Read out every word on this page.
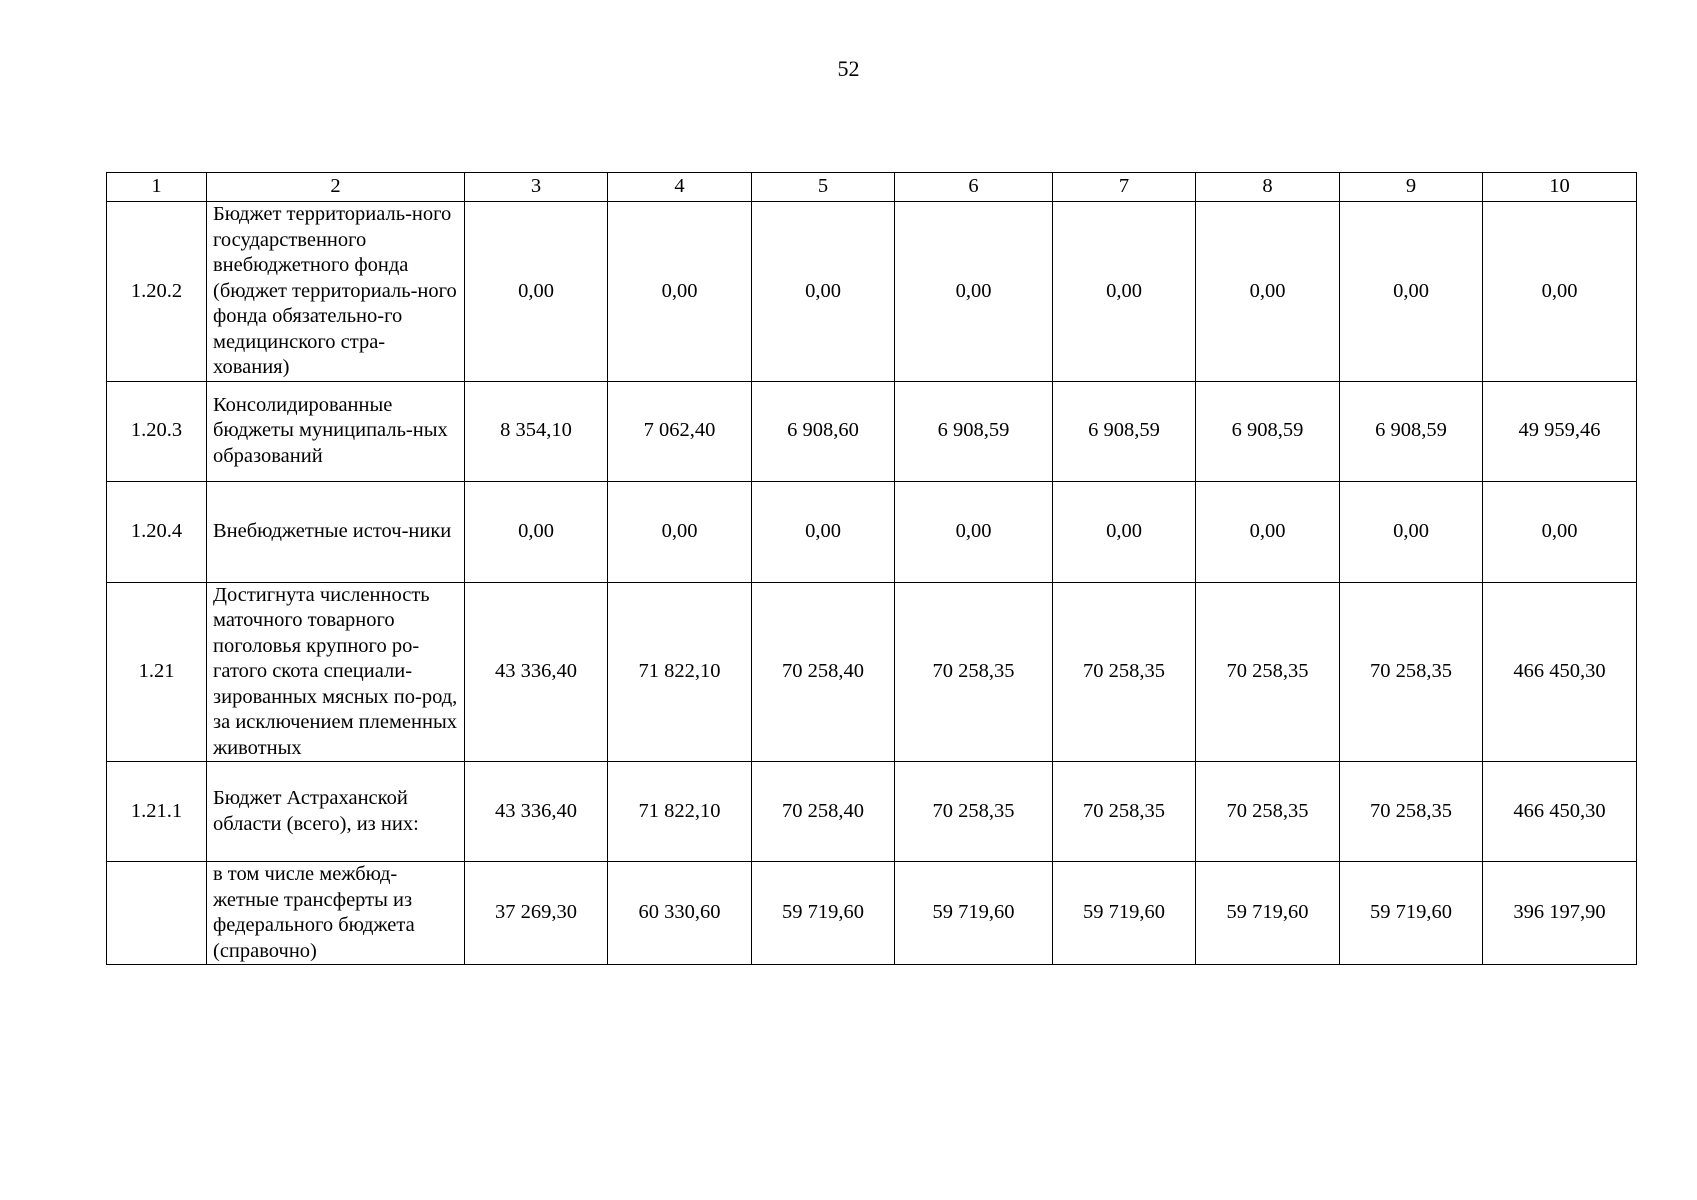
52
1	2	3	4	5	6	7	8	9	10
1.20.2	Бюджет территориаль-ного государственного внебюджетного фонда (бюджет территориаль-ного фонда обязательно-го медицинского стра-хования)	0,00	0,00	0,00	0,00	0,00	0,00	0,00	0,00
1.20.3	Консолидированные бюджеты муниципаль-ных образований	8 354,10	7 062,40	6 908,60	6 908,59	6 908,59	6 908,59	6 908,59	49 959,46
1.20.4	Внебюджетные источ-ники	0,00	0,00	0,00	0,00	0,00	0,00	0,00	0,00
1.21	Достигнута численность маточного товарного поголовья крупного ро-гатого скота специали-зированных мясных по-род, за исключением племенных животных	43 336,40	71 822,10	70 258,40	70 258,35	70 258,35	70 258,35	70 258,35	466 450,30
1.21.1	Бюджет Астраханской области (всего), из них:	43 336,40	71 822,10	70 258,40	70 258,35	70 258,35	70 258,35	70 258,35	466 450,30
	в том числе межбюд-жетные трансферты из федерального бюджета (справочно)	37 269,30	60 330,60	59 719,60	59 719,60	59 719,60	59 719,60	59 719,60	396 197,90
